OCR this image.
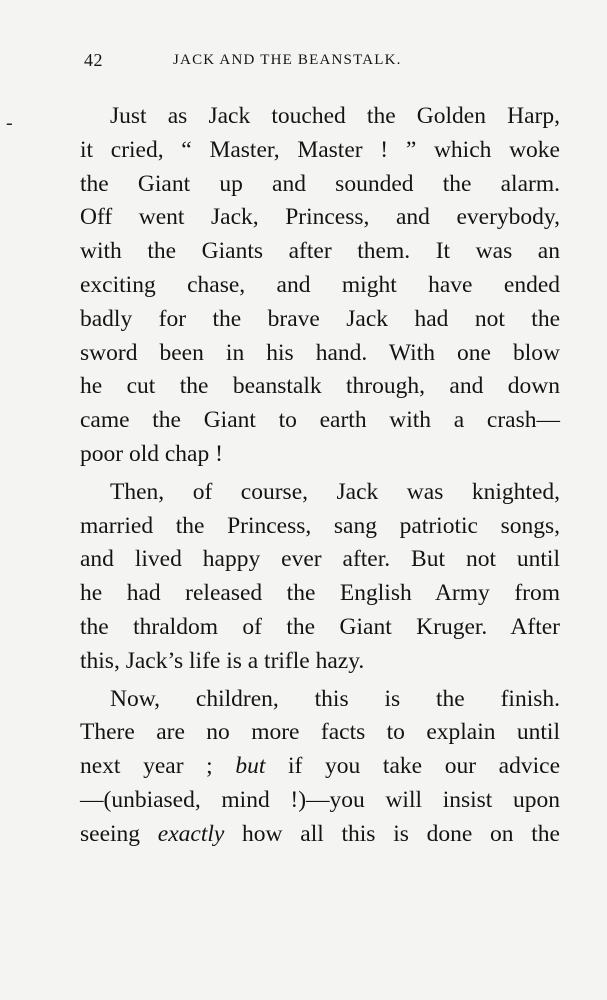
42	JACK AND THE BEANSTALK.
-	Just as Jack touched the Golden Harp,
it cried, “ Master, Master ! ” which woke
the Giant up and sounded the alarm.
Off went Jack, Princess, and everybody,
with the Giants after them. It was an
exciting chase, and might have ended
badly for the brave Jack had not the
sword been in his hand. With one blow
he cut the beanstalk through, and down
came the Giant to earth with a crash—
poor old chap !
Then, of course, Jack was knighted,
married the Princess, sang patriotic songs,
and lived happy ever after. But not until
he had released the English Army from
the thraldom of the Giant Kruger. After
this, Jack’s life is a trifle hazy.
Now, children, this is the finish.
There are no more facts to explain until
next year ; but if you take our advice
—(unbiased, mind !)—you will insist upon
seeing exactly how all this is done on the
